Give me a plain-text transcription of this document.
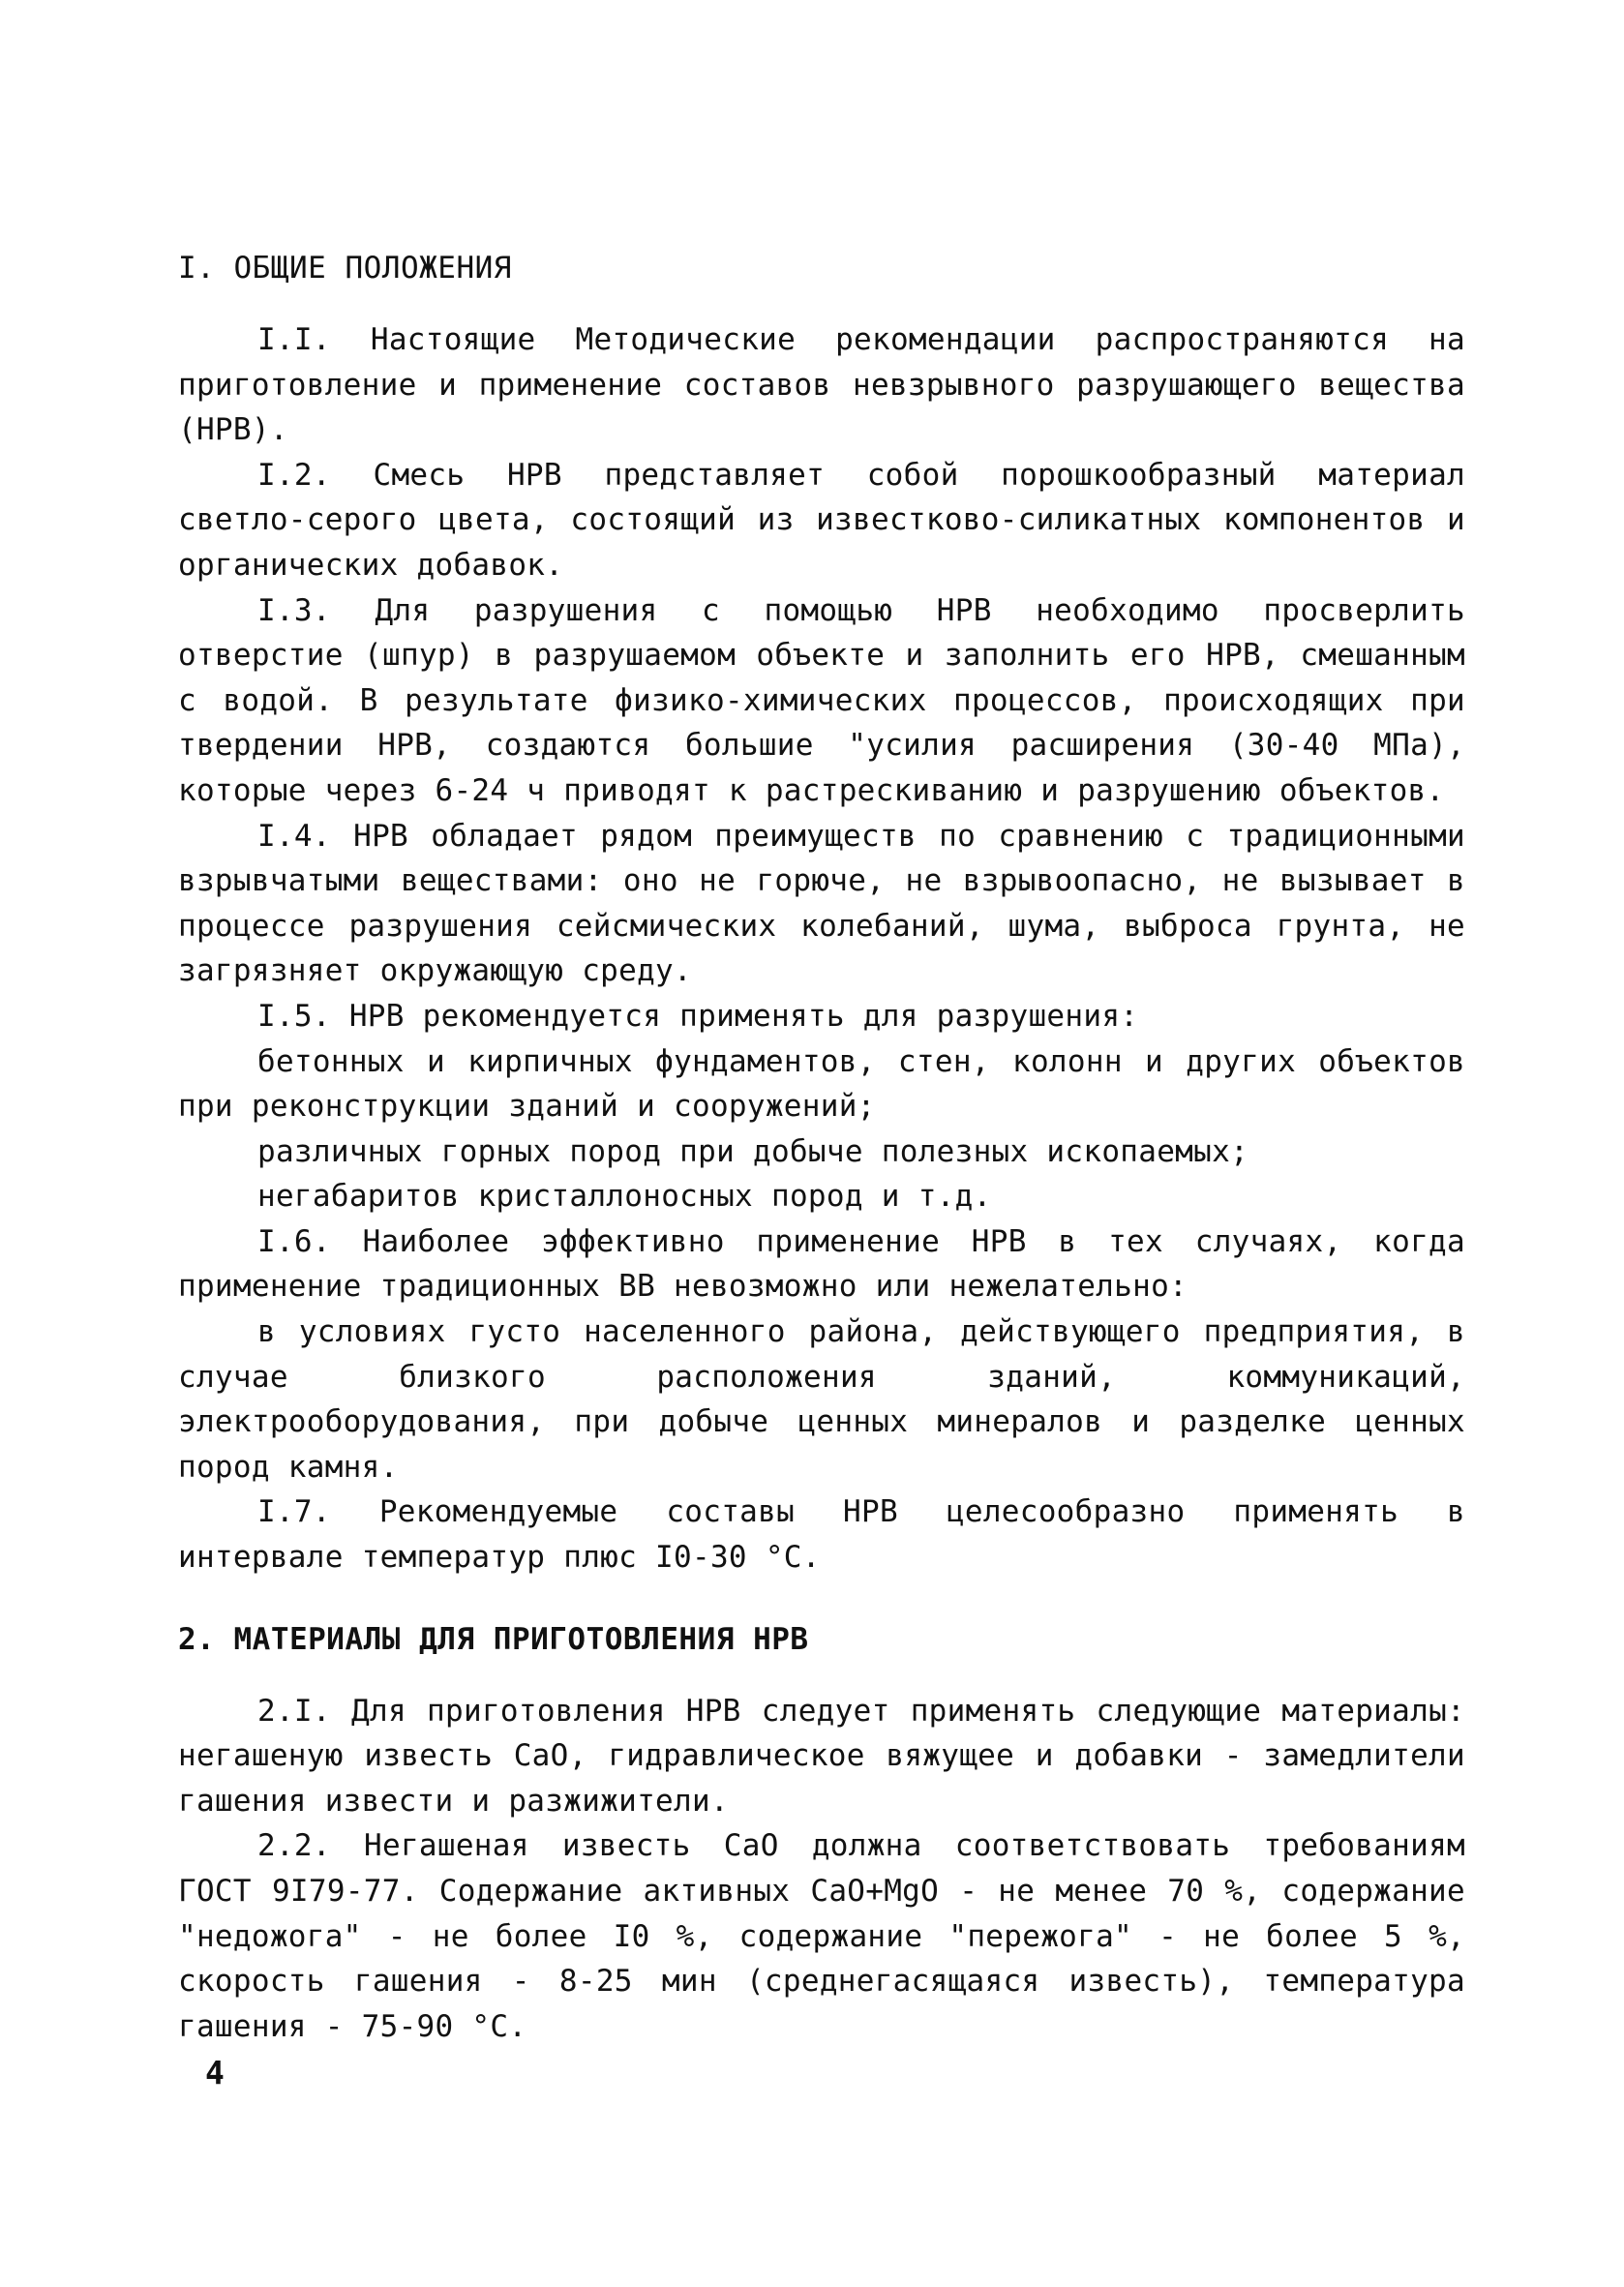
I. ОБЩИЕ ПОЛОЖЕНИЯ

I.I. Настоящие Методические рекомендации распространяются на приготовление и применение составов невзрывного разрушающего вещества (НРВ).

I.2. Смесь НРВ представляет собой порошкообразный материал светло-серого цвета, состоящий из известково-силикатных компонентов и органических добавок.

I.3. Для разрушения с помощью НРВ необходимо просверлить отверстие (шпур) в разрушаемом объекте и заполнить его НРВ, смешанным с водой. В результате физико-химических процессов, происходящих при твердении НРВ, создаются большие "усилия расширения (30-40 МПа), которые через 6-24 ч приводят к растрескиванию и разрушению объектов.

I.4. НРВ обладает рядом преимуществ по сравнению с традиционными взрывчатыми веществами: оно не горюче, не взрывоопасно, не вызывает в процессе разрушения сейсмических колебаний, шума, выброса грунта, не загрязняет окружающую среду.

I.5. НРВ рекомендуется применять для разрушения:

бетонных и кирпичных фундаментов, стен, колонн и других объектов при реконструкции зданий и сооружений;

различных горных пород при добыче полезных ископаемых;

негабаритов кристаллоносных пород и т.д.

I.6. Наиболее эффективно применение НРВ в тех случаях, когда применение традиционных ВВ невозможно или нежелательно:

в условиях густо населенного района, действующего предприятия, в случае близкого расположения зданий, коммуникаций, электрооборудования, при добыче ценных минералов и разделке ценных пород камня.

I.7. Рекомендуемые составы НРВ целесообразно применять в интервале температур плюс I0-30 °С.

2. МАТЕРИАЛЫ ДЛЯ ПРИГОТОВЛЕНИЯ НРВ

2.I. Для приготовления НРВ следует применять следующие материалы: негашеную известь СаО, гидравлическое вяжущее и добавки - замедлители гашения извести и разжижители.

2.2. Негашеная известь СаО должна соответствовать требованиям ГОСТ 9I79-77. Содержание активных СаО+MgO - не менее 70 %, содержание "недожога" - не более I0 %, содержание "пережога" - не более 5 %, скорость гашения - 8-25 мин (среднегасящаяся известь), температура гашения - 75-90 °С.

4
